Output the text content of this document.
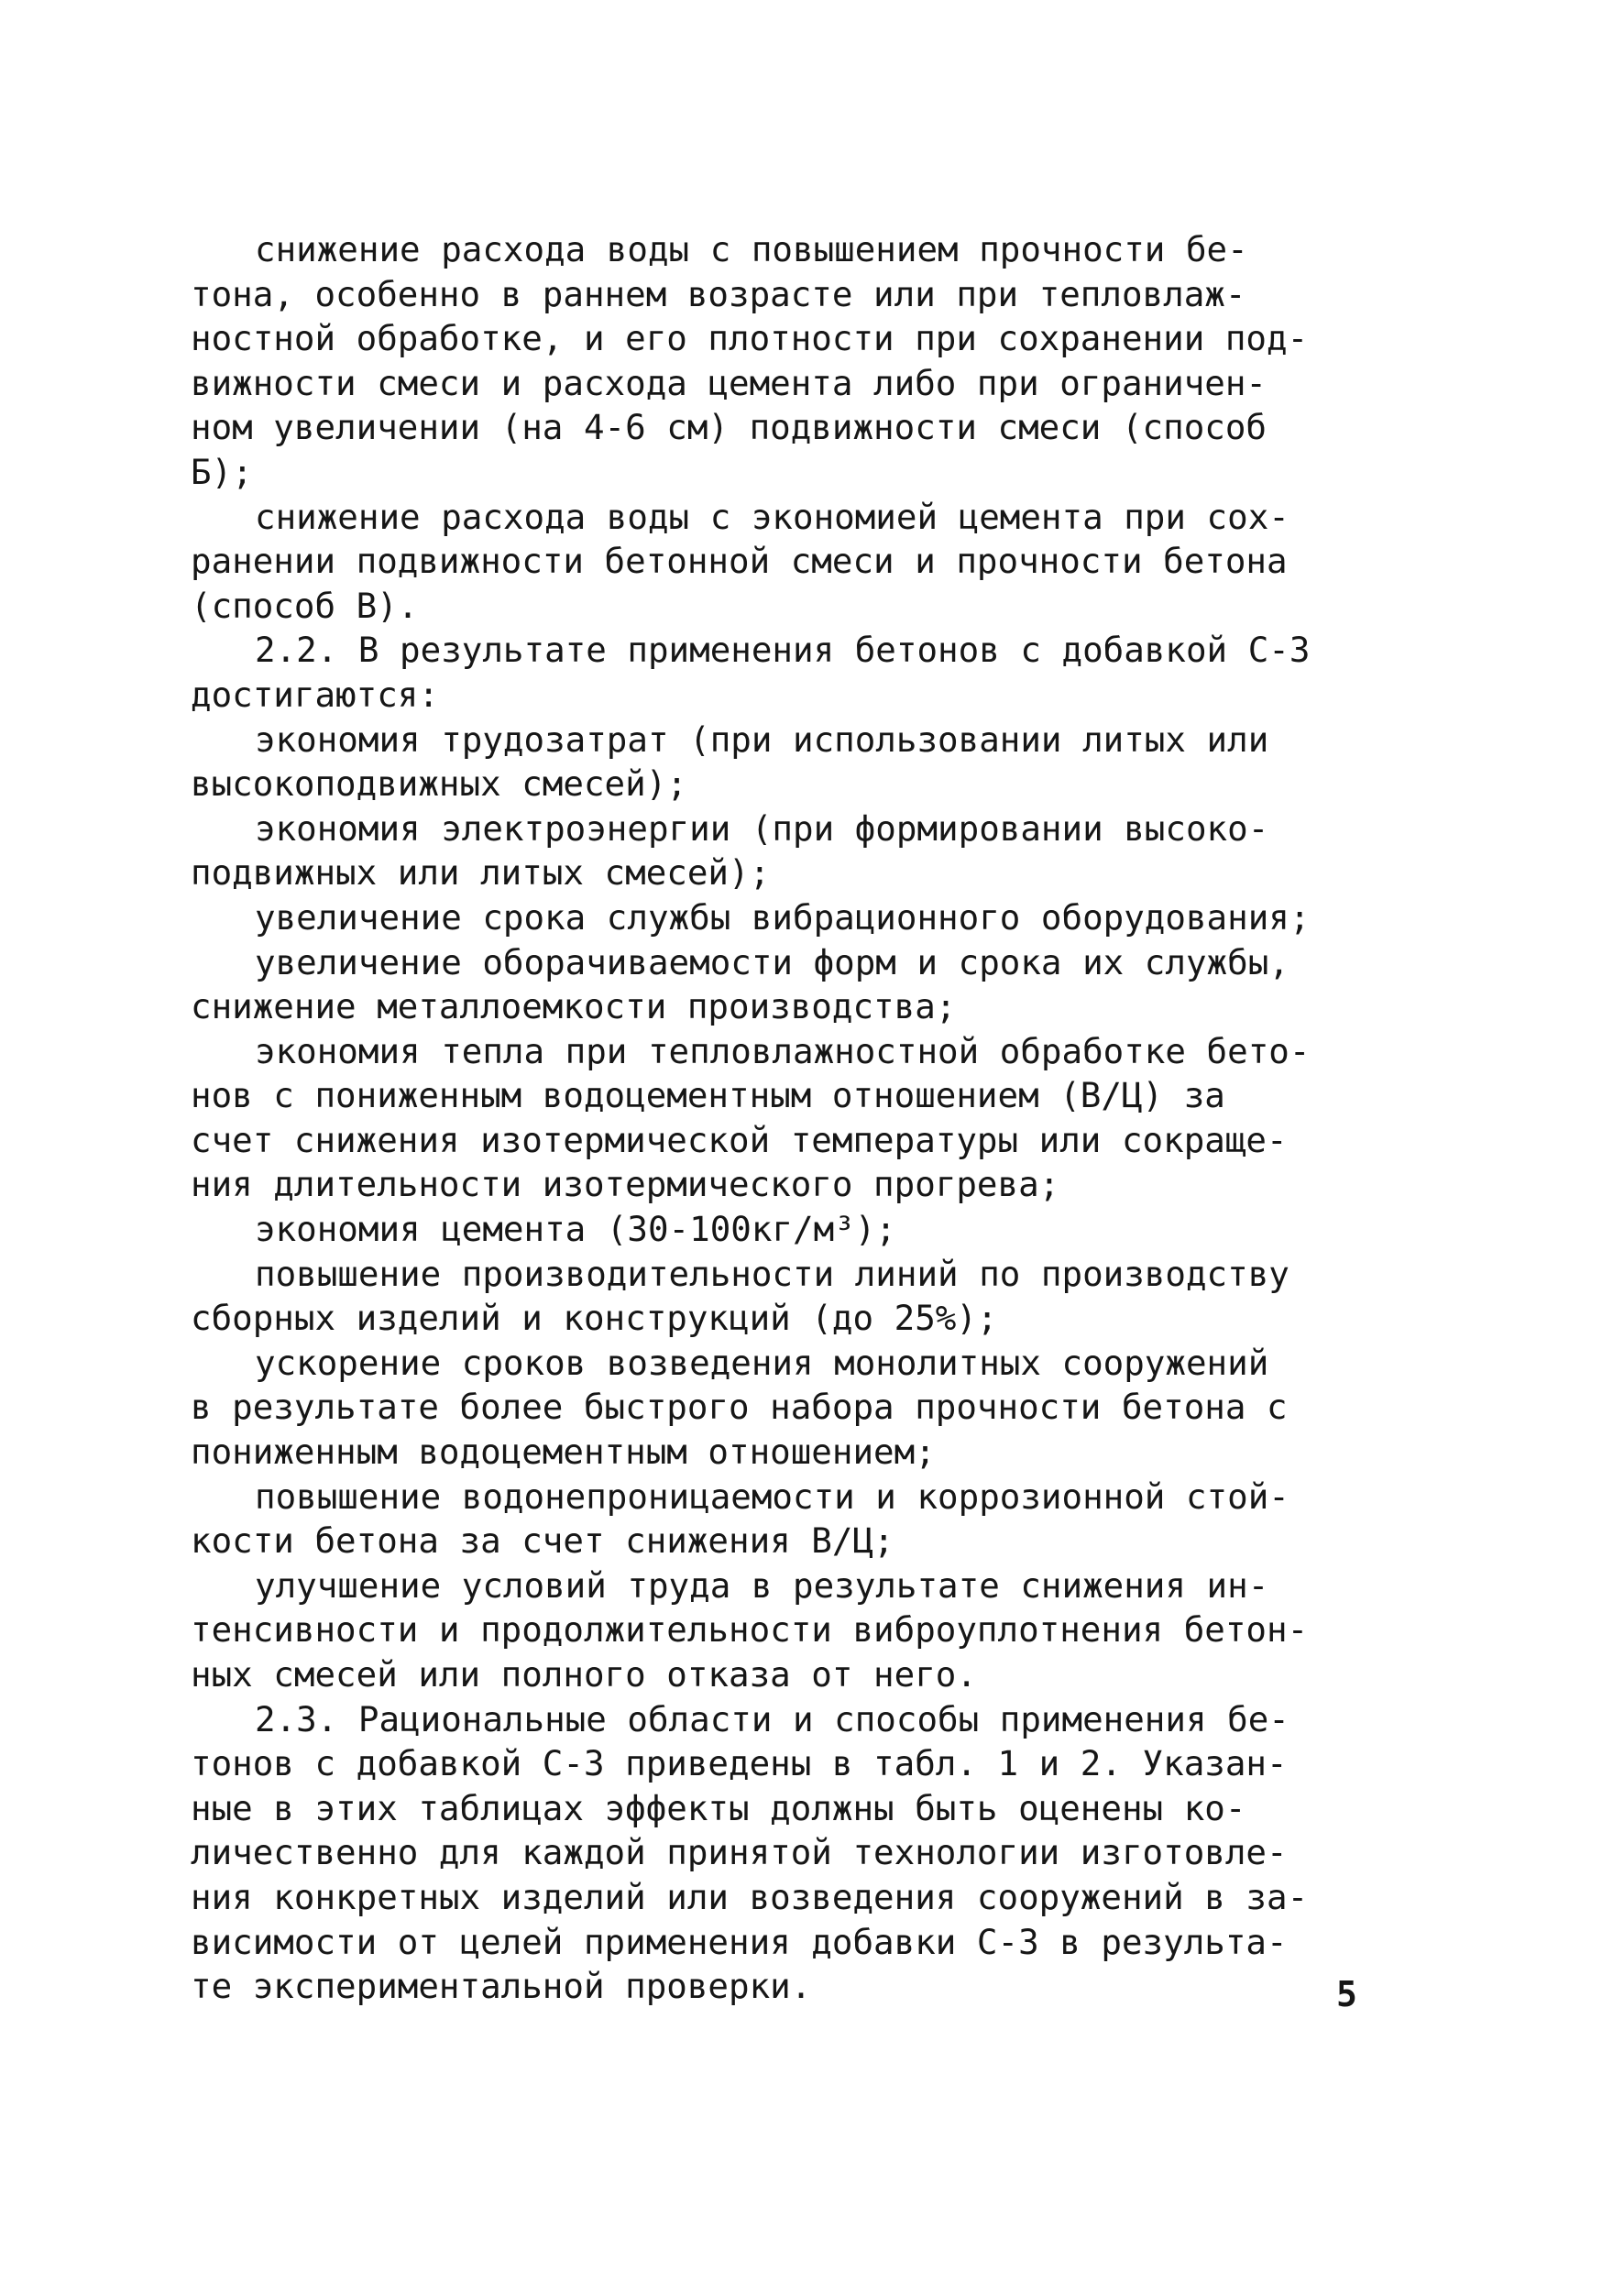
снижение расхода воды с повышением прочности бе-
тона, особенно в раннем возрасте или при тепловлаж-
ностной обработке, и его плотности при сохранении под-
вижности смеси и расхода цемента либо при ограничен-
ном увеличении (на 4-6 см) подвижности смеси (способ
Б);
снижение расхода воды с экономией цемента при сох-
ранении подвижности бетонной смеси и прочности бетона
(способ В).
2.2. В результате применения бетонов с добавкой С-3
достигаются:
экономия трудозатрат (при использовании литых или
высокоподвижных смесей);
экономия электроэнергии (при формировании высоко-
подвижных или литых смесей);
увеличение срока службы вибрационного оборудования;
увеличение оборачиваемости форм и срока их службы,
снижение металлоемкости производства;
экономия тепла при тепловлажностной обработке бето-
нов с пониженным водоцементным отношением (В/Ц) за
счет снижения изотермической температуры или сокраще-
ния длительности изотермического прогрева;
экономия цемента (30-100кг/м³);
повышение производительности линий по производству
сборных изделий и конструкций (до 25%);
ускорение сроков возведения монолитных сооружений
в результате более быстрого набора прочности бетона с
пониженным водоцементным отношением;
повышение водонепроницаемости и коррозионной стой-
кости бетона за счет снижения В/Ц;
улучшение условий труда в результате снижения ин-
тенсивности и продолжительности виброуплотнения бетон-
ных смесей или полного отказа от него.
2.3. Рациональные области и способы применения бе-
тонов с добавкой С-3 приведены в табл. 1 и 2. Указан-
ные в этих таблицах эффекты должны быть оценены ко-
личественно для каждой принятой технологии изготовле-
ния конкретных изделий или возведения сооружений в за-
висимости от целей применения добавки С-3 в результа-
те экспериментальной проверки.	5
